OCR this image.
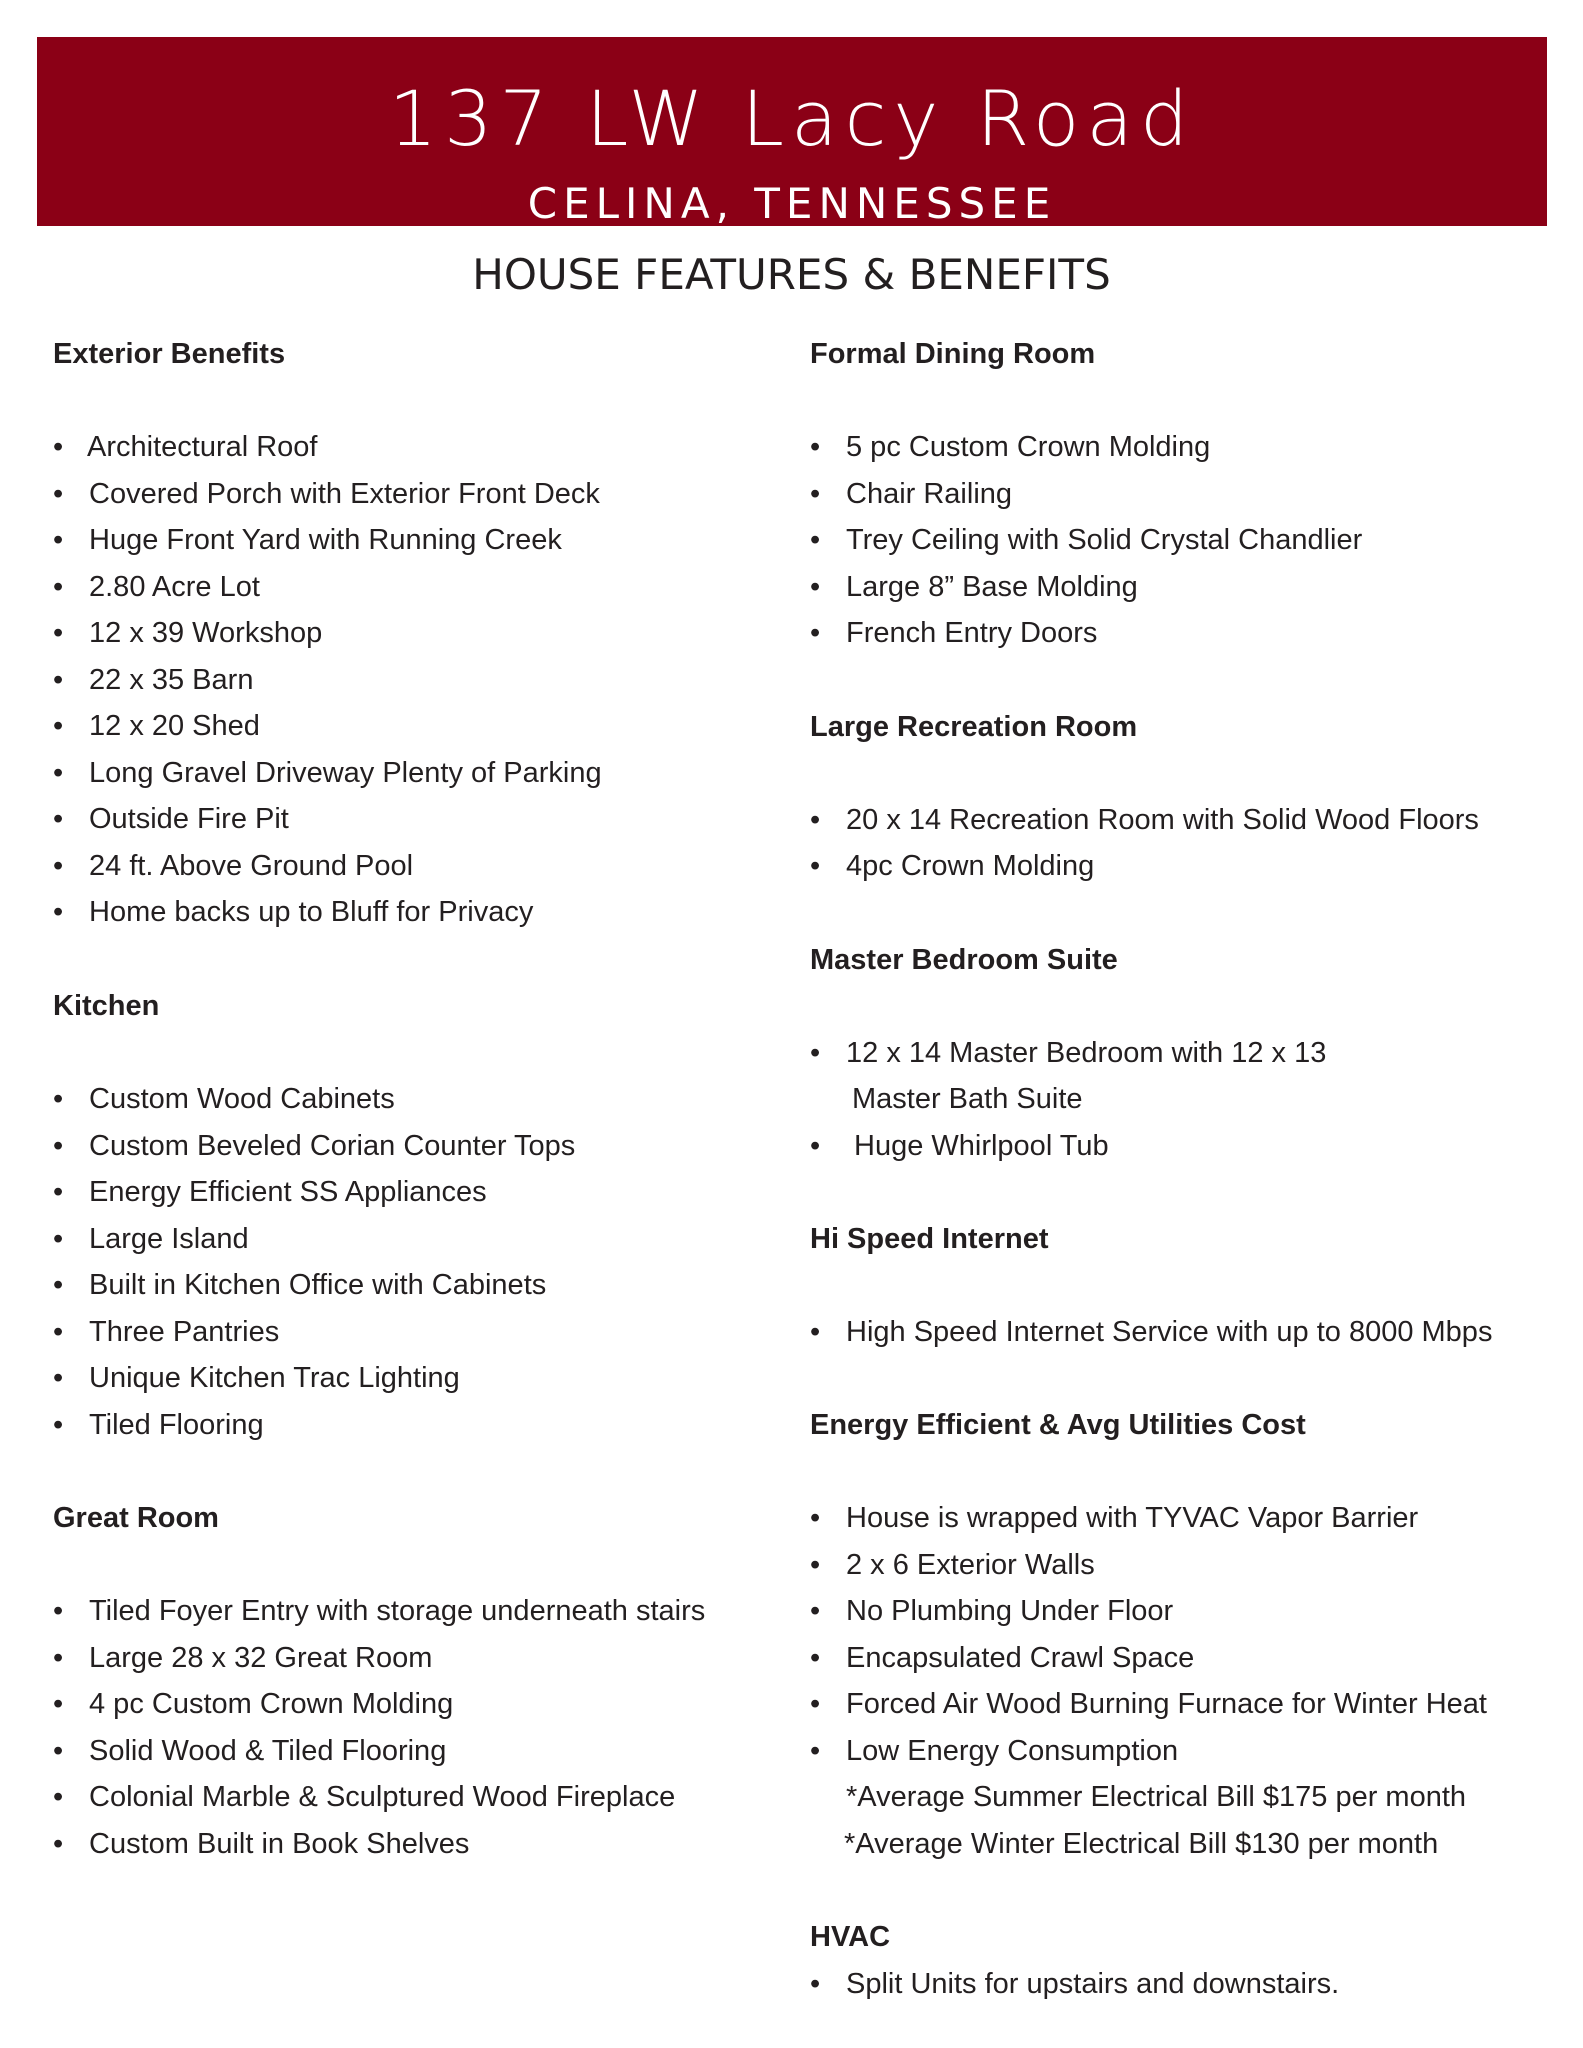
137 LW Lacy Road
CELINA, TENNESSEE
HOUSE FEATURES & BENEFITS
Exterior Benefits
• Architectural Roof
• Covered Porch with Exterior Front Deck
• Huge Front Yard with Running Creek
• 2.80 Acre Lot
• 12 x 39 Workshop
• 22 x 35 Barn
• 12 x 20 Shed
• Long Gravel Driveway Plenty of Parking
• Outside Fire Pit
• 24 ft. Above Ground Pool
• Home backs up to Bluff for Privacy
Kitchen
• Custom Wood Cabinets
• Custom Beveled Corian Counter Tops
• Energy Efficient SS Appliances
• Large Island
• Built in Kitchen Office with Cabinets
• Three Pantries
• Unique Kitchen Trac Lighting
• Tiled Flooring
Great Room
• Tiled Foyer Entry with storage underneath stairs
• Large 28 x 32 Great Room
• 4 pc Custom Crown Molding
• Solid Wood & Tiled Flooring
• Colonial Marble & Sculptured Wood Fireplace
• Custom Built in Book Shelves
Formal Dining Room
• 5 pc Custom Crown Molding
• Chair Railing
• Trey Ceiling with Solid Crystal Chandlier
• Large 8” Base Molding
• French Entry Doors
Large Recreation Room
• 20 x 14 Recreation Room with Solid Wood Floors
• 4pc Crown Molding
Master Bedroom Suite
• 12 x 14 Master Bedroom with 12 x 13
Master Bath Suite
• Huge Whirlpool Tub
Hi Speed Internet
• High Speed Internet Service with up to 8000 Mbps
Energy Efficient & Avg Utilities Cost
• House is wrapped with TYVAC Vapor Barrier
• 2 x 6 Exterior Walls
• No Plumbing Under Floor
• Encapsulated Crawl Space
• Forced Air Wood Burning Furnace for Winter Heat
• Low Energy Consumption
*Average Summer Electrical Bill $175 per month
*Average Winter Electrical Bill $130 per month
HVAC
• Split Units for upstairs and downstairs.
